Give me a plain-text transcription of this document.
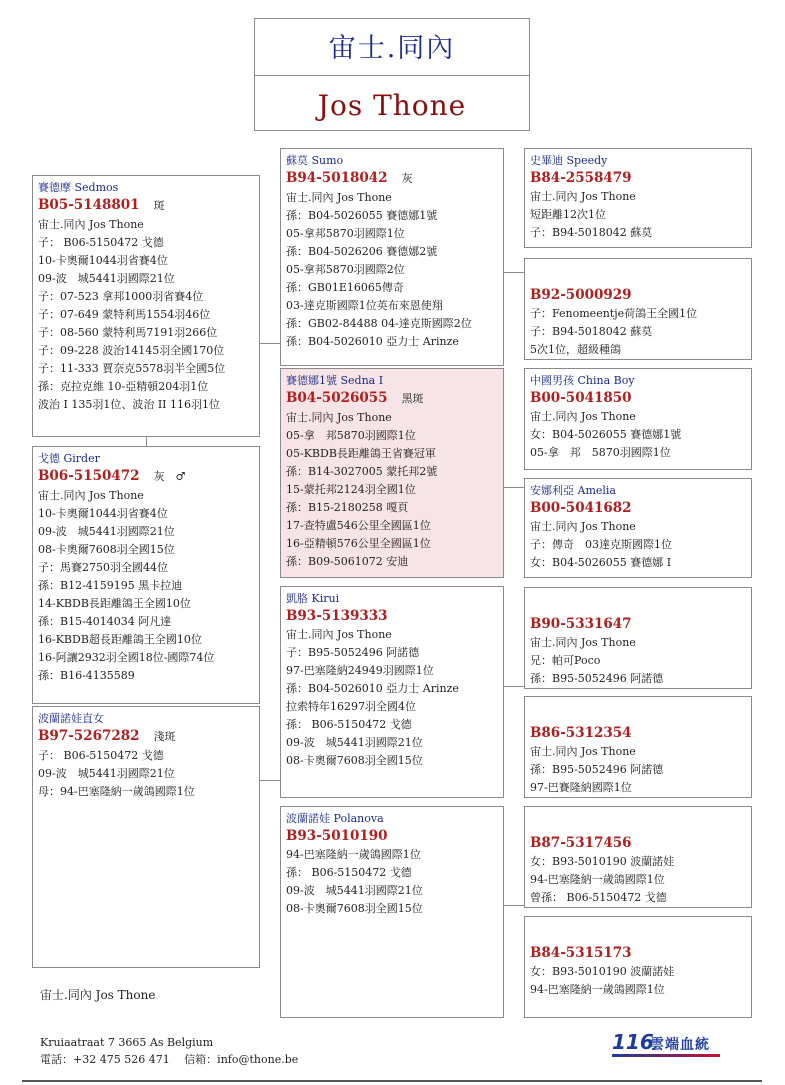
宙士.同內
Jos Thone
賽德摩 Sedmos
B05-5148801 斑
宙士.同內 Jos Thone
子： B06-5150472 戈德
10-卡奧爾1044羽省賽4位
09-波　城5441羽國際21位
子：07-523 拿邦1000羽省賽4位
子：07-649 蒙特利馬1554羽46位
子：08-560 蒙特利馬7191羽266位
子：09-228 波治14145羽全國170位
子：11-333 賈奈克5578羽半全國5位
孫：克拉克維 10-亞精頓204羽1位
波治 I 135羽1位、波治 II 116羽1位
戈德 Girder
B06-5150472 灰　♂
宙士.同內 Jos Thone
10-卡奧爾1044羽省賽4位
09-波　城5441羽國際21位
08-卡奧爾7608羽全國15位
子：馬賽2750羽全國44位
孫：B12-4159195 黑卡拉迪
14-KBDB長距離鴿王全國10位
孫：B15-4014034 阿凡達
16-KBDB超長距離鴿王全國10位
16-阿讓2932羽全國18位-國際74位
孫：B16-4135589
波蘭諾娃直女
B97-5267282 淺斑
子： B06-5150472 戈德
09-波　城5441羽國際21位
母：94-巴塞隆納一歲鴿國際1位
蘇莫 Sumo
B94-5018042 灰
宙士.同內 Jos Thone
孫：B04-5026055 賽德娜1號
05-拿邦5870羽國際1位
孫：B04-5026206 賽德娜2號
05-拿邦5870羽國際2位
孫：GB01E16065傳奇
03-達克斯國際1位英布來恩使翔
孫：GB02-84488 04-達克斯國際2位
孫：B04-5026010 亞力士 Arinze
賽德娜1號 Sedna I
B04-5026055 黑斑
宙士.同內 Jos Thone
05-拿　邦5870羽國際1位
05-KBDB長距離鴿王省賽冠軍
孫：B14-3027005 蒙托邦2號
15-蒙托邦2124羽全國1位
孫：B15-2180258 嘎頁
17-查特盧546公里全國區1位
16-亞精頓576公里全國區1位
孫：B09-5061072 安迪
凱胳 Kirui
B93-5139333
宙士.同內 Jos Thone
子：B95-5052496 阿諾德
97-巴塞隆納24949羽國際1位
孫：B04-5026010 亞力士 Arinze
拉索特年16297羽全國4位
孫： B06-5150472 戈德
09-波　城5441羽國際21位
08-卡奧爾7608羽全國15位
波蘭諾娃 Polanova
B93-5010190
94-巴塞隆納一歲鴿國際1位
孫： B06-5150472 戈德
09-波　城5441羽國際21位
08-卡奧爾7608羽全國15位
史畢迪 Speedy
B84-2558479
宙士.同內 Jos Thone
短距離12次1位
子：B94-5018042 蘇莫
B92-5000929
子：Fenomeentje荷鴿王全國1位
子：B94-5018042 蘇莫
5次1位，超級種鴿
中國男孩 China Boy
B00-5041850
宙士.同內 Jos Thone
女：B04-5026055 賽德娜1號
05-拿　邦　5870羽國際1位
安娜利亞 Amelia
B00-5041682
宙士.同內 Jos Thone
子：傳奇　03達克斯國際1位
女：B04-5026055 賽德娜 I
B90-5331647
宙士.同內 Jos Thone
兄：帕可Poco
孫：B95-5052496 阿諾德
B86-5312354
宙士.同內 Jos Thone
孫：B95-5052496 阿諾德
97-巴賽隆納國際1位
B87-5317456
女：B93-5010190 波蘭諾娃
94-巴塞隆納一歲鴿國際1位
曾孫： B06-5150472 戈德
B84-5315173
女：B93-5010190 波蘭諾娃
94-巴塞隆納一歲鴿國際1位
宙士.同內 Jos Thone
Kruiaatraat 7 3665 As Belgium
電話：+32 475 526 471　 信箱：info@thone.be
116
雲端血統
